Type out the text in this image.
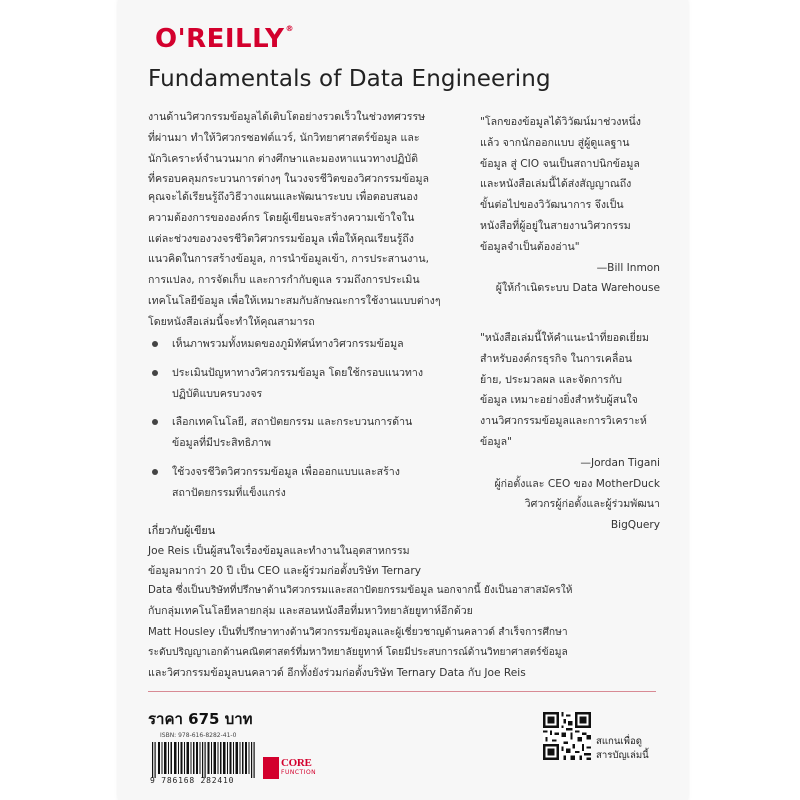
O'REILLY®
Fundamentals of Data Engineering

งานด้านวิศวกรรมข้อมูลได้เติบโตอย่างรวดเร็วในช่วงทศวรรษ

ที่ผ่านมา ทำให้วิศวกรซอฟต์แวร์, นักวิทยาศาสตร์ข้อมูล และ

นักวิเคราะห์จำนวนมาก ต่างศึกษาและมองหาแนวทางปฏิบัติ

ที่ครอบคลุมกระบวนการต่างๆ ในวงจรชีวิตของวิศวกรรมข้อมูล

คุณจะได้เรียนรู้ถึงวิธีวางแผนและพัฒนาระบบ เพื่อตอบสนอง

ความต้องการขององค์กร โดยผู้เขียนจะสร้างความเข้าใจใน

แต่ละช่วงของวงจรชีวิตวิศวกรรมข้อมูล เพื่อให้คุณเรียนรู้ถึง

แนวคิดในการสร้างข้อมูล, การนำข้อมูลเข้า, การประสานงาน,

การแปลง, การจัดเก็บ และการกำกับดูแล รวมถึงการประเมิน

เทคโนโลยีข้อมูล เพื่อให้เหมาะสมกับลักษณะการใช้งานแบบต่างๆ

โดยหนังสือเล่มนี้จะทำให้คุณสามารถ

เห็นภาพรวมทั้งหมดของภูมิทัศน์ทางวิศวกรรมข้อมูล

ประเมินปัญหาทางวิศวกรรมข้อมูล โดยใช้กรอบแนวทาง

ปฏิบัติแบบครบวงจร

เลือกเทคโนโลยี, สถาปัตยกรรม และกระบวนการด้าน

ข้อมูลที่มีประสิทธิภาพ

ใช้วงจรชีวิตวิศวกรรมข้อมูล เพื่อออกแบบและสร้าง

สถาปัตยกรรมที่แข็งแกร่ง

"โลกของข้อมูลได้วิวัฒน์มาช่วงหนึ่ง

แล้ว จากนักออกแบบ สู่ผู้ดูแลฐาน

ข้อมูล สู่ CIO จนเป็นสถาปนิกข้อมูล

และหนังสือเล่มนี้ได้ส่งสัญญาณถึง

ขั้นต่อไปของวิวัฒนาการ จึงเป็น

หนังสือที่ผู้อยู่ในสายงานวิศวกรรม

ข้อมูลจำเป็นต้องอ่าน"

—Bill Inmon

ผู้ให้กำเนิดระบบ Data Warehouse

"หนังสือเล่มนี้ให้คำแนะนำที่ยอดเยี่ยม

สำหรับองค์กรธุรกิจ ในการเคลื่อน

ย้าย, ประมวลผล และจัดการกับ

ข้อมูล เหมาะอย่างยิ่งสำหรับผู้สนใจ

งานวิศวกรรมข้อมูลและการวิเคราะห์

ข้อมูล"

—Jordan Tigani

ผู้ก่อตั้งและ CEO ของ MotherDuck

วิศวกรผู้ก่อตั้งและผู้ร่วมพัฒนา

BigQuery

เกี่ยวกับผู้เขียน

Joe Reis เป็นผู้สนใจเรื่องข้อมูลและทำงานในอุตสาหกรรม

ข้อมูลมากว่า 20 ปี เป็น CEO และผู้ร่วมก่อตั้งบริษัท Ternary

Data ซึ่งเป็นบริษัทที่ปรึกษาด้านวิศวกรรมและสถาปัตยกรรมข้อมูล นอกจากนี้ ยังเป็นอาสาสมัครให้

กับกลุ่มเทคโนโลยีหลายกลุ่ม และสอนหนังสือที่มหาวิทยาลัยยูทาห์อีกด้วย

Matt Housley เป็นที่ปรึกษาทางด้านวิศวกรรมข้อมูลและผู้เชี่ยวชาญด้านคลาวด์ สำเร็จการศึกษา

ระดับปริญญาเอกด้านคณิตศาสตร์ที่มหาวิทยาลัยยูทาห์ โดยมีประสบการณ์ด้านวิทยาศาสตร์ข้อมูล

และวิศวกรรมข้อมูลบนคลาวด์ อีกทั้งยังร่วมก่อตั้งบริษัท Ternary Data กับ Joe Reis

ราคา 675 บาท
ISBN: 978-616-8282-41-0
9 786168 282410
CORE
FUNCTION
สแกนเพื่อดู
สารบัญเล่มนี้
